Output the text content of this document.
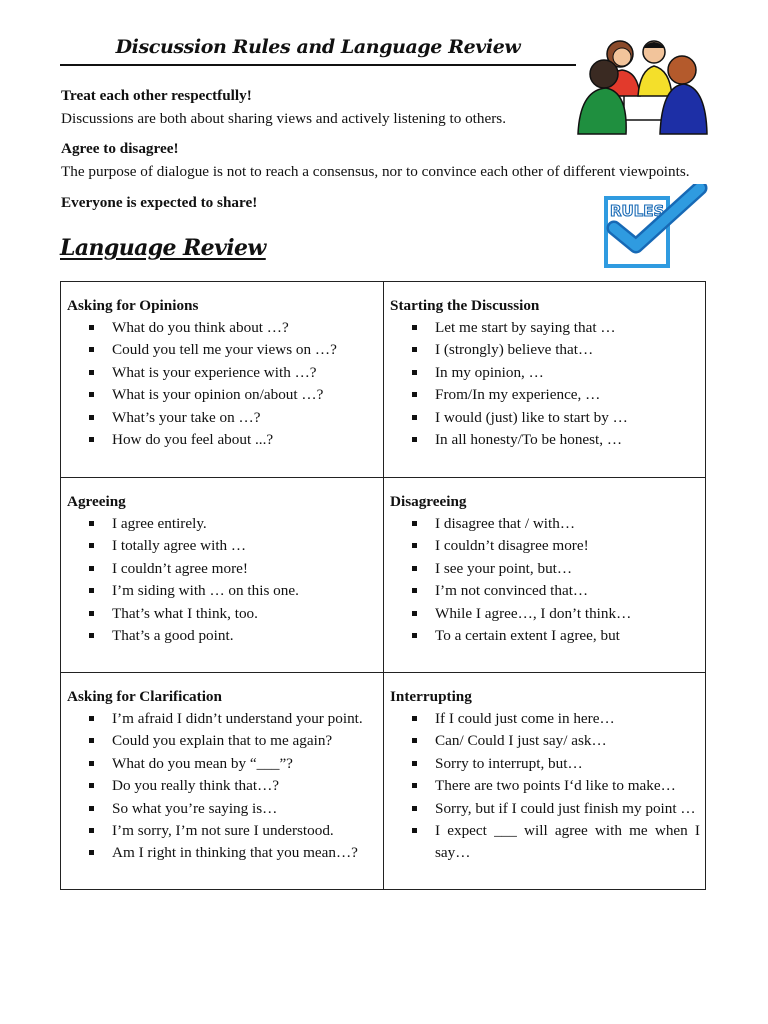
Discussion Rules and Language Review
Treat each other respectfully!
Discussions are both about sharing views and actively listening to others.
Agree to disagree!
The purpose of dialogue is not to reach a consensus, nor to convince each other of different viewpoints.
Everyone is expected to share!	RULES
Language Review

Asking for Opinions

What do you think about …?
Could you tell me your views on …?
What is your experience with …?
What is your opinion on/about …?
What’s your take on …?
How do you feel about ...?

Starting the Discussion

Let me start by saying that …
I (strongly) believe that…
In my opinion, …
From/In my experience, …
I would (just) like to start by …
In all honesty/To be honest, …

Agreeing

I agree entirely.
I totally agree with …
I couldn’t agree more!
I’m siding with … on this one.
That’s what I think, too.
That’s a good point.

Disagreeing

I disagree that / with…
I couldn’t disagree more!
I see your point, but…
I’m not convinced that…
While I agree…, I don’t think…
To a certain extent I agree, but

Asking for Clarification

I’m afraid I didn’t understand your point.
Could you explain that to me again?
What do you mean by “___”?
Do you really think that…?
So what you’re saying is…
I’m sorry, I’m not sure I understood.
Am I right in thinking that you mean…?

Interrupting

If I could just come in here…
Can/ Could I just say/ ask…
Sorry to interrupt, but…
There are two points I‘d like to make…
Sorry, but if I could just finish my point …
I expect ___ will agree with me when I say…
